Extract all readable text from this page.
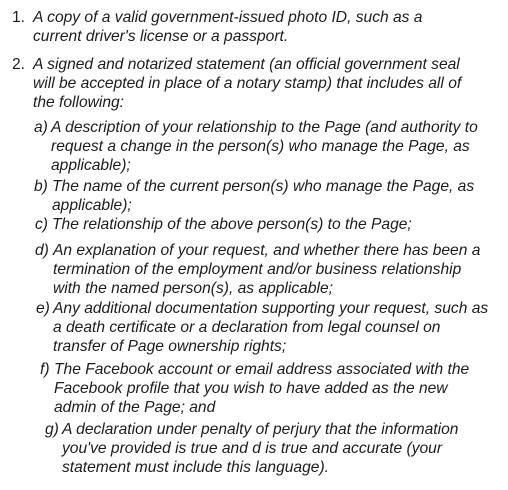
1. A copy of a valid government-issued photo ID, such as a current driver's license or a passport.
2. A signed and notarized statement (an official government seal will be accepted in place of a notary stamp) that includes all of the following:
a) A description of your relationship to the Page (and authority to request a change in the person(s) who manage the Page, as applicable);
b) The name of the current person(s) who manage the Page, as applicable);
c) The relationship of the above person(s) to the Page;
d) An explanation of your request, and whether there has been a termination of the employment and/or business relationship with the named person(s), as applicable;
e) Any additional documentation supporting your request, such as a death certificate or a declaration from legal counsel on transfer of Page ownership rights;
f) The Facebook account or email address associated with the Facebook profile that you wish to have added as the new admin of the Page; and
g) A declaration under penalty of perjury that the information you've provided is true and d is true and accurate (your statement must include this language).
